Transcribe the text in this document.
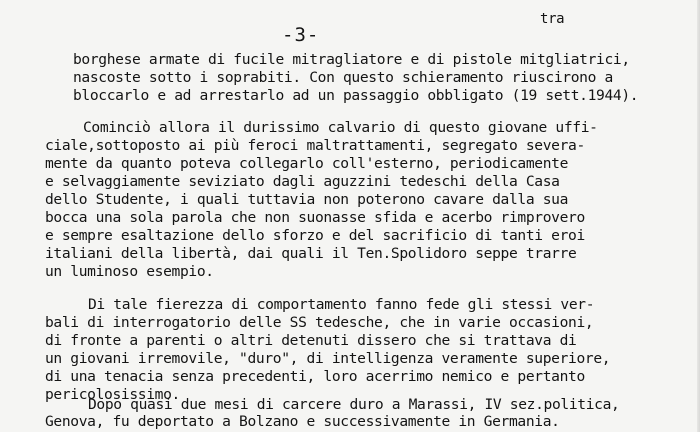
-3-
tra
borghese armate di fucile mitragliatore e di pistole mitgliatrici,
nascoste sotto i soprabiti. Con questo schieramento riuscirono a
bloccarlo e ad arrestarlo ad un passaggio obbligato (19 sett.1944).
Cominciò allora il durissimo calvario di questo giovane uffi-
ciale,sottoposto ai più feroci maltrattamenti, segregato severa-
mente da quanto poteva collegarlo coll'esterno, periodicamente
e selvaggiamente seviziato dagli aguzzini tedeschi della Casa
dello Studente, i quali tuttavia non poterono cavare dalla sua
bocca una sola parola che non suonasse sfida e acerbo rimprovero
e sempre esaltazione dello sforzo e del sacrificio di tanti eroi
italiani della libertà, dai quali il Ten.Spolidoro seppe trarre
un luminoso esempio.
Di tale fierezza di comportamento fanno fede gli stessi ver-
bali di interrogatorio delle SS tedesche, che in varie occasioni,
di fronte a parenti o altri detenuti dissero che si trattava di
un giovani irremovile, "duro", di intelligenza veramente superiore,
di una tenacia senza precedenti, loro acerrimo nemico e pertanto
pericolosissimo.
Dopo quasi due mesi di carcere duro a Marassi, IV sez.politica,
Genova, fu deportato a Bolzano e successivamente in Germania.
